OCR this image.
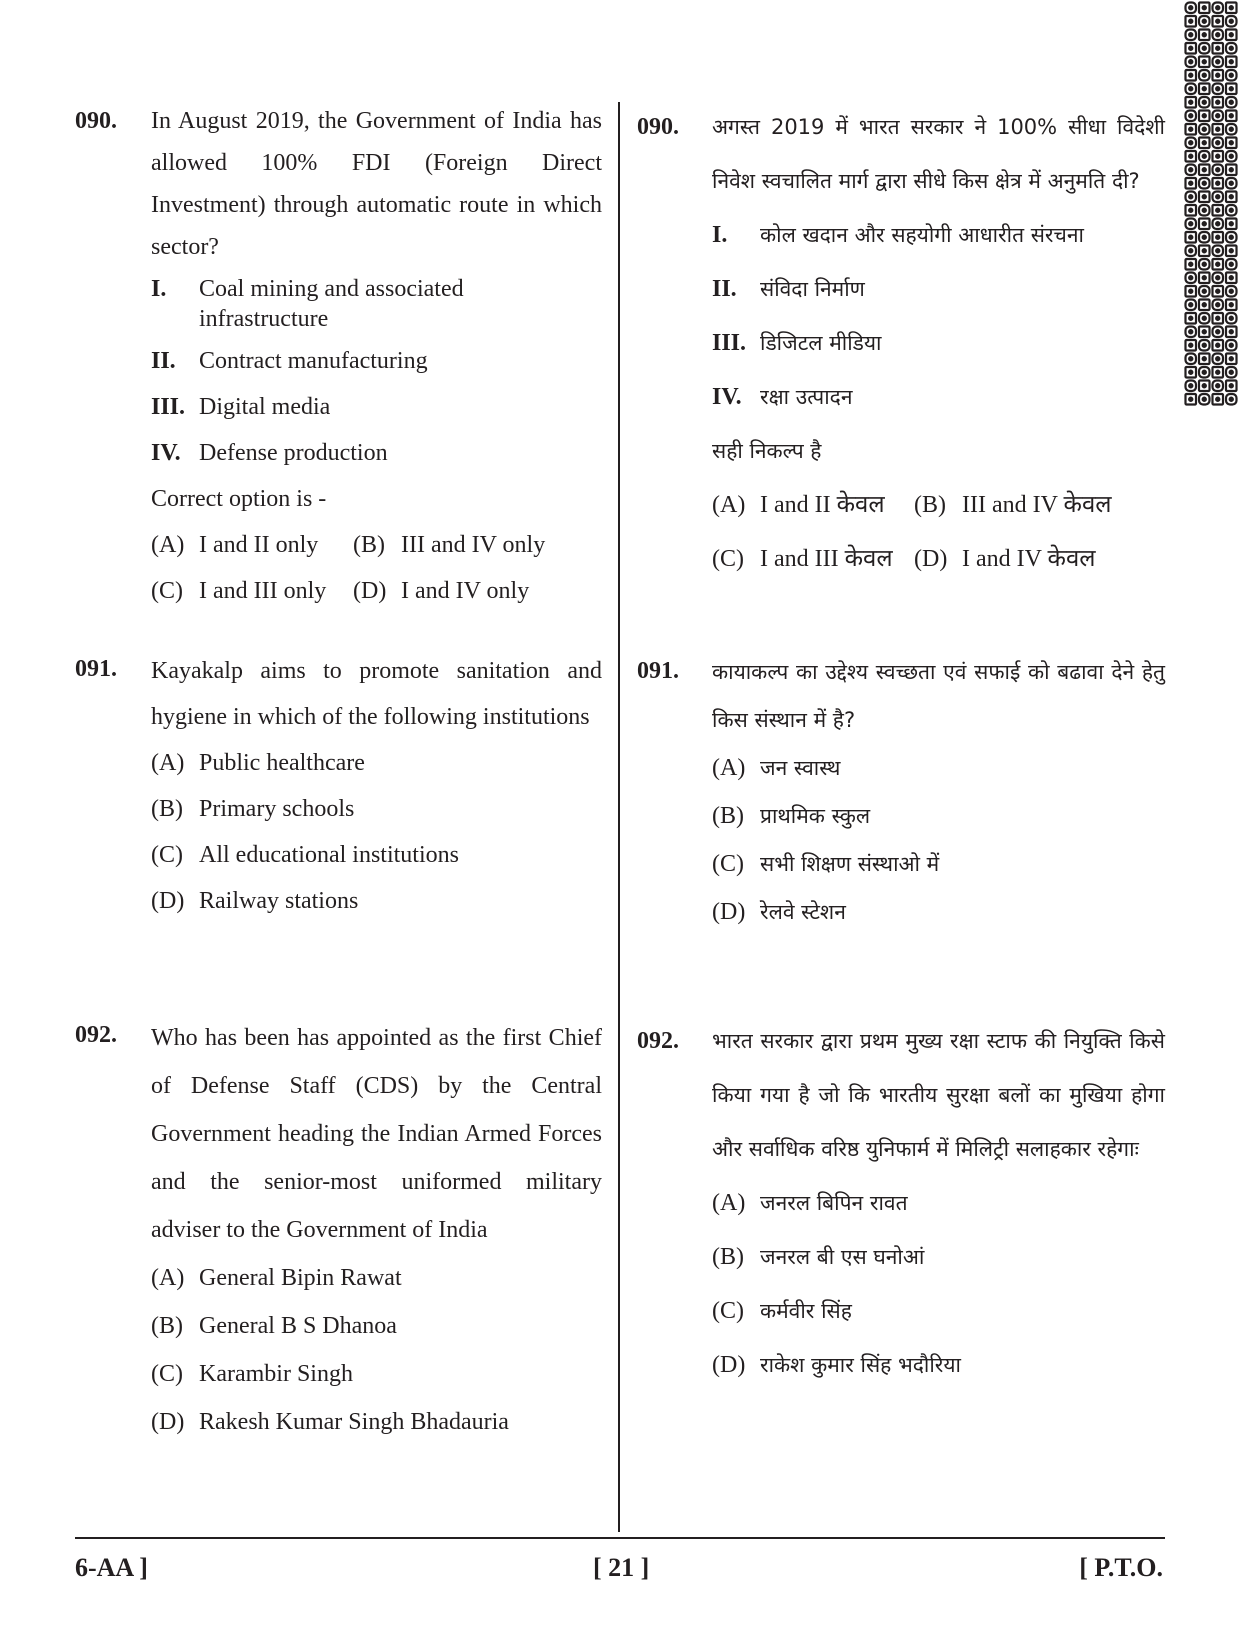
090. In August 2019, the Government of India has allowed 100% FDI (Foreign Direct Investment) through automatic route in which sector?
I.	Coal mining and associated infrastructure
II. Contract manufacturing
III. Digital media
IV. Defense production
Correct option is -
(A) I and II only (B) III and IV only
(C) I and III only (D) I and IV only
091. Kayakalp aims to promote sanitation and hygiene in which of the following institutions
(A) Public healthcare
(B) Primary schools
(C) All educational institutions
(D) Railway stations
092. Who has been has appointed as the first Chief of Defense Staff (CDS) by the Central Government heading the Indian Armed Forces and the senior-most uniformed military adviser to the Government of India
(A) General Bipin Rawat
(B) General B S Dhanoa
(C) Karambir Singh
(D) Rakesh Kumar Singh Bhadauria
090. अगस्त 2019 में भारत सरकार ने 100% सीधा विदेशी निवेश स्वचालित मार्ग द्वारा सीधे किस क्षेत्र में अनुमति दी?
I.	कोल खदान और सहयोगी आधारीत संरचना
II.	संविदा निर्माण
III. डिजिटल मीडिया
IV. रक्षा उत्पादन
सही निकल्प है
(A) I and II केवल (B) III and IV केवल
(C) I and III केवल (D) I and IV केवल
091. कायाकल्प का उद्देश्य स्वच्छता एवं सफाई को बढावा देने हेतु किस संस्थान में है?
(A) जन स्वास्थ
(B) प्राथमिक स्कुल
(C) सभी शिक्षण संस्थाओ में
(D) रेलवे स्टेशन
092. भारत सरकार द्वारा प्रथम मुख्य रक्षा स्टाफ की नियुक्ति किसे किया गया है जो कि भारतीय सुरक्षा बलों का मुखिया होगा और सर्वाधिक वरिष्ठ युनिफार्म में मिलिट्री सलाहकार रहेगाः
(A) जनरल बिपिन रावत
(B) जनरल बी एस घनोआं
(C) कर्मवीर सिंह
(D) राकेश कुमार सिंह भदौरिया
6-AA ]	[ 21 ]	[ P.T.O.
